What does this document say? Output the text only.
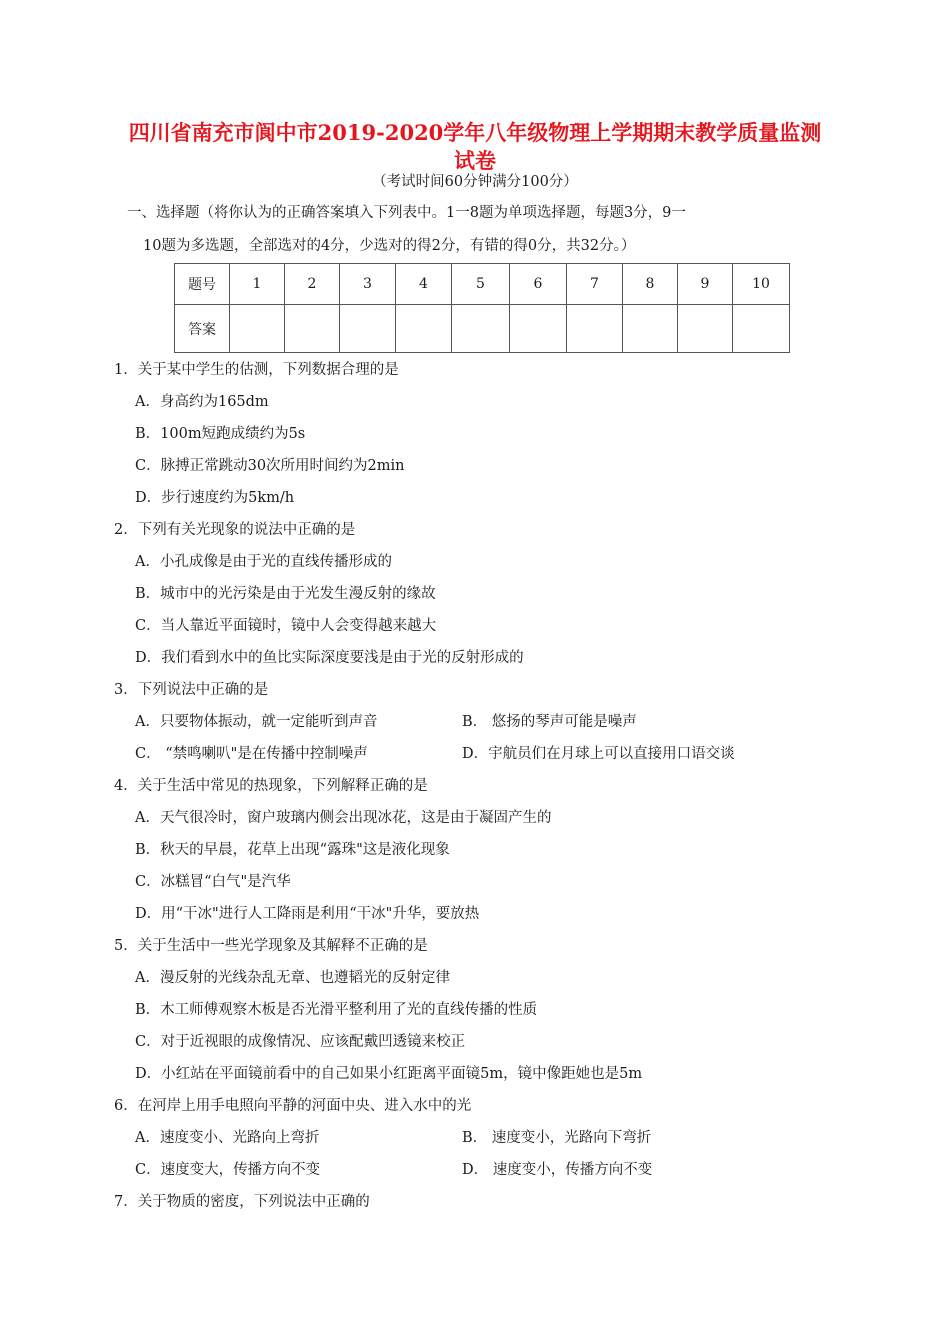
四川省南充市阆中市2019-2020学年八年级物理上学期期末教学质量监测
试卷
（考试时间60分钟满分100分）
一、选择题（将你认为的正确答案填入下列表中。1一8题为单项选择题，每题3分，9一
10题为多选题，全部选对的4分，少选对的得2分，有错的得0分，共32分。）
题号	1	2	3	4	5	6	7	8	9	10
答案										
1．关于某中学生的估测，下列数据合理的是
A．身高约为165dm
B．100m短跑成绩约为5s
C．脉搏正常跳动30次所用时间约为2min
D．步行速度约为5km/h
2．下列有关光现象的说法中正确的是
A．小孔成像是由于光的直线传播形成的
B．城市中的光污染是由于光发生漫反射的缘故
C．当人靠近平面镜时，镜中人会变得越来越大
D．我们看到水中的鱼比实际深度要浅是由于光的反射形成的
3．下列说法中正确的是
A．只要物体振动，就一定能听到声音	B． 悠扬的琴声可能是噪声
C． “禁鸣喇叭"是在传播中控制噪声	D．宇航员们在月球上可以直接用口语交谈
4．关于生活中常见的热现象，下列解释正确的是
A．天气很冷时，窗户玻璃内侧会出现冰花，这是由于凝固产生的
B．秋天的早晨，花草上出现“露珠"这是液化现象
C．冰糕冒“白气"是汽华
D．用“干冰"进行人工降雨是利用“干冰"升华，要放热
5．关于生活中一些光学现象及其解释不正确的是
A．漫反射的光线杂乱无章、也遵韬光的反射定律
B．木工师傅观察木板是否光滑平整利用了光的直线传播的性质
C．对于近视眼的成像情况、应该配戴凹透镜来校正
D．小红站在平面镜前看中的自己如果小红距离平面镜5m，镜中像距她也是5m
6．在河岸上用手电照向平静的河面中央、进入水中的光
A．速度变小、光路向上弯折	B． 速度变小，光路向下弯折
C．速度变大，传播方向不变	D． 速度变小，传播方向不变
7．关于物质的密度，下列说法中正确的
